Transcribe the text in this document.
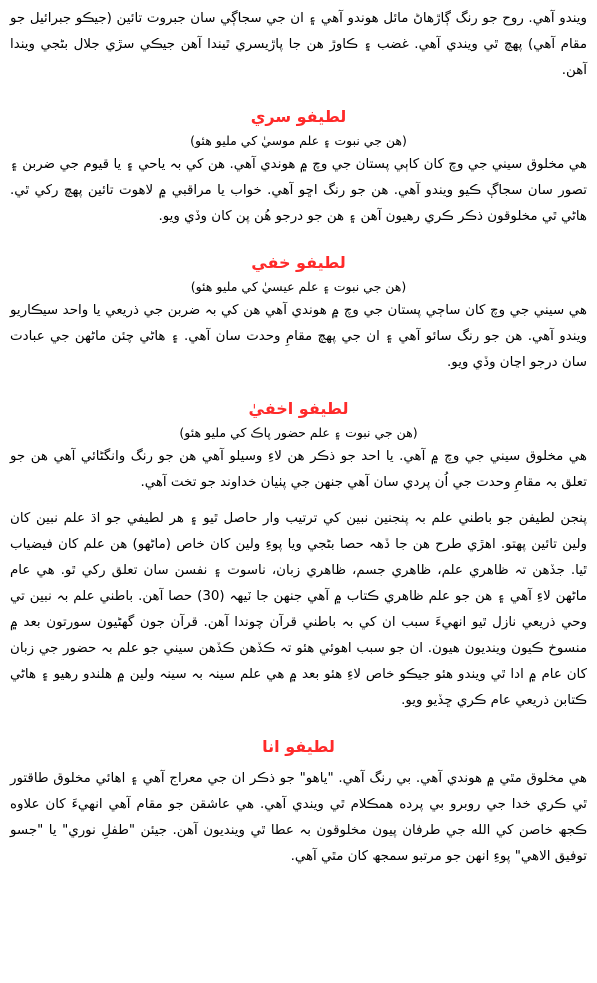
ويندو آهي. روح جو رنگ ڳاڙهاڻ مائل هوندو آهي ۽ ان جي سجاڳي سان جبروت تائين (جيڪو جبرائيل جو مقام آهي) پهچ ٿي ويندي آهي. غضب ۽ ڪاوڙ هن جا پاڙيسري ٿيندا آهن جيڪي سڙي جلال بڻجي ويندا آهن.

لطيفو سري
(هن جي نبوت ۽ علم موسيٰ کي مليو هئو)

هي مخلوق سيني جي وچ کان کاٻي پستان جي وچ ۾ هوندي آهي. هن کي بہ ياحي ۽ يا قيوم جي ضربن ۽ تصور سان سجاڳ ڪيو ويندو آهي. هن جو رنگ اڇو آهي. خواب يا مراقبي ۾ لاهوت تائين پهچ رکي ٿي. هاڻي ٿي مخلوقون ذڪر ڪري رهيون آهن ۽ هن جو درجو هُن پن کان وڏي ويو.

لطيفو خفي
(هن جي نبوت ۽ علم عيسيٰ کي مليو هئو)

هي سيني جي وچ کان ساڄي پستان جي وچ ۾ هوندي آهي هن کي بہ ضربن جي ذريعي يا واحد سيڪاريو ويندو آهي. هن جو رنگ سائو آهي ۽ ان جي پهچ مقامِ وحدت سان آهي. ۽ هاڻي چئن ماڻهن جي عبادت سان درجو اڃان وڏي ويو.

لطيفو اخفيٰ
(هن جي نبوت ۽ علم حضور پاڪ کي مليو هئو)

هي مخلوق سيني جي وچ ۾ آهي. يا احد جو ذڪر هن لاءِ وسيلو آهي هن جو رنگ وانگڻائي آهي هن جو تعلق بہ مقامِ وحدت جي اُن پردي سان آهي جنهن جي پٺيان خداوند جو تخت آهي.

پنجن لطيفن جو باطني علم بہ پنجنين نبين کي ترتيب وار حاصل ٿيو ۽ هر لطيفي جو اڌ علم نبين کان ولين تائين پهتو. اهڙي طرح هن جا ڏهہ حصا بڻجي ويا پوءِ ولين کان خاص (ماڻهو) هن علم کان فيضياب ٿيا. جڏهن تہ ظاهري علم، ظاهري جسم، ظاهري زبان، ناسوت ۽ نفسن سان تعلق رکي ٿو. هي عام ماڻهن لاءِ آهي ۽ هن جو علم ظاهري ڪتاب ۾ آهي جنهن جا ٽيهہ (30) حصا آهن. باطني علم بہ نبين تي وحي ذريعي نازل ٿيو انهيءَ سبب ان کي بہ باطني قرآن چوندا آهن. قرآن جون گھڻيون سورتون بعد ۾ منسوخ ڪيون وينديون هيون. ان جو سبب اهوئي هئو تہ ڪڏهن ڪڏهن سيني جو علم بہ حضور جي زبان کان عام ۾ ادا ٿي ويندو هئو جيڪو خاص لاءِ هئو بعد ۾ هي علم سينہ بہ سينہ ولين ۾ هلندو رهيو ۽ هاڻي ڪتابن ذريعي عام ڪري ڇڏيو ويو.

لطيفو انا

هي مخلوق مٿي ۾ هوندي آهي. بي رنگ آهي. "ياهو" جو ذڪر ان جي معراج آهي ۽ اهائي مخلوق طاقتور ٿي ڪري خدا جي روبرو بي پرده همڪلام ٿي ويندي آهي. هي عاشقن جو مقام آهي انهيءَ کان علاوه ڪجھ خاصن کي الله جي طرفان پيون مخلوقون بہ عطا ٿي وينديون آهن. جيئن "طفلِ نوري" يا "جسو توفيق الاهي" پوءِ انهن جو مرتبو سمجھ کان مٿي آهي.
